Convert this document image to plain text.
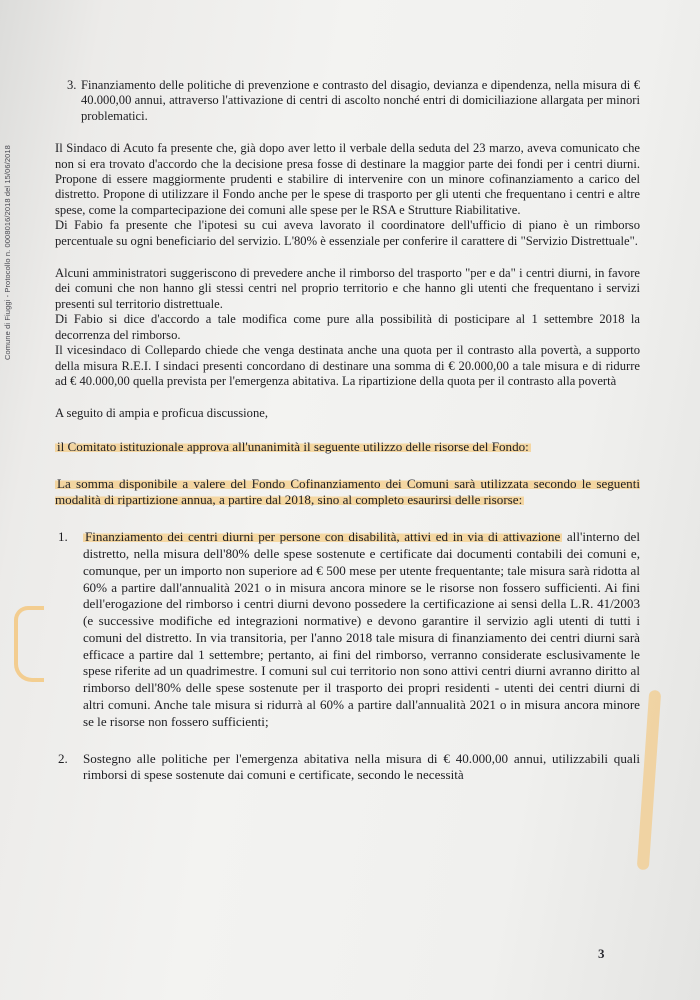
Comune di Fiuggi - Protocollo n. 0008016/2018 del 15/06/2018
3. Finanziamento delle politiche di prevenzione e contrasto del disagio, devianza e dipendenza, nella misura di € 40.000,00 annui, attraverso l'attivazione di centri di ascolto nonché entri di domiciliazione allargata per minori problematici.

Il Sindaco di Acuto fa presente che, già dopo aver letto il verbale della seduta del 23 marzo, aveva comunicato che non si era trovato d'accordo che la decisione presa fosse di destinare la maggior parte dei fondi per i centri diurni. Propone di essere maggiormente prudenti e stabilire di intervenire con un minore cofinanziamento a carico del distretto. Propone di utilizzare il Fondo anche per le spese di trasporto per gli utenti che frequentano i centri e altre spese, come la compartecipazione dei comuni alle spese per le RSA e Strutture Riabilitative.

Di Fabio fa presente che l'ipotesi su cui aveva lavorato il coordinatore dell'ufficio di piano è un rimborso percentuale su ogni beneficiario del servizio. L'80% è essenziale per conferire il carattere di "Servizio Distrettuale".

Alcuni amministratori suggeriscono di prevedere anche il rimborso del trasporto "per e da" i centri diurni, in favore dei comuni che non hanno gli stessi centri nel proprio territorio e che hanno gli utenti che frequentano i servizi presenti sul territorio distrettuale.

Di Fabio si dice d'accordo a tale modifica come pure alla possibilità di posticipare al 1 settembre 2018 la decorrenza del rimborso.

Il vicesindaco di Collepardo chiede che venga destinata anche una quota per il contrasto alla povertà, a supporto della misura R.E.I. I sindaci presenti concordano di destinare una somma di € 20.000,00 a tale misura e di ridurre ad € 40.000,00 quella prevista per l'emergenza abitativa. La ripartizione della quota per il contrasto alla povertà

A seguito di ampia e proficua discussione,

il Comitato istituzionale approva all'unanimità il seguente utilizzo delle risorse del Fondo:

La somma disponibile a valere del Fondo Cofinanziamento dei Comuni sarà utilizzata secondo le seguenti modalità di ripartizione annua, a partire dal 2018, sino al completo esaurirsi delle risorse:

1. Finanziamento dei centri diurni per persone con disabilità, attivi ed in via di attivazione all'interno del distretto, nella misura dell'80% delle spese sostenute e certificate dai documenti contabili dei comuni e, comunque, per un importo non superiore ad € 500 mese per utente frequentante; tale misura sarà ridotta al 60% a partire dall'annualità 2021 o in misura ancora minore se le risorse non fossero sufficienti. Ai fini dell'erogazione del rimborso i centri diurni devono possedere la certificazione ai sensi della L.R. 41/2003 (e successive modifiche ed integrazioni normative) e devono garantire il servizio agli utenti di tutti i comuni del distretto. In via transitoria, per l'anno 2018 tale misura di finanziamento dei centri diurni sarà efficace a partire dal 1 settembre; pertanto, ai fini del rimborso, verranno considerate esclusivamente le spese riferite ad un quadrimestre. I comuni sul cui territorio non sono attivi centri diurni avranno diritto al rimborso dell'80% delle spese sostenute per il trasporto dei propri residenti - utenti dei centri diurni di altri comuni. Anche tale misura si ridurrà al 60% a partire dall'annualità 2021 o in misura ancora minore se le risorse non fossero sufficienti;
2. Sostegno alle politiche per l'emergenza abitativa nella misura di € 40.000,00 annui, utilizzabili quali rimborsi di spese sostenute dai comuni e certificate, secondo le necessità
3
